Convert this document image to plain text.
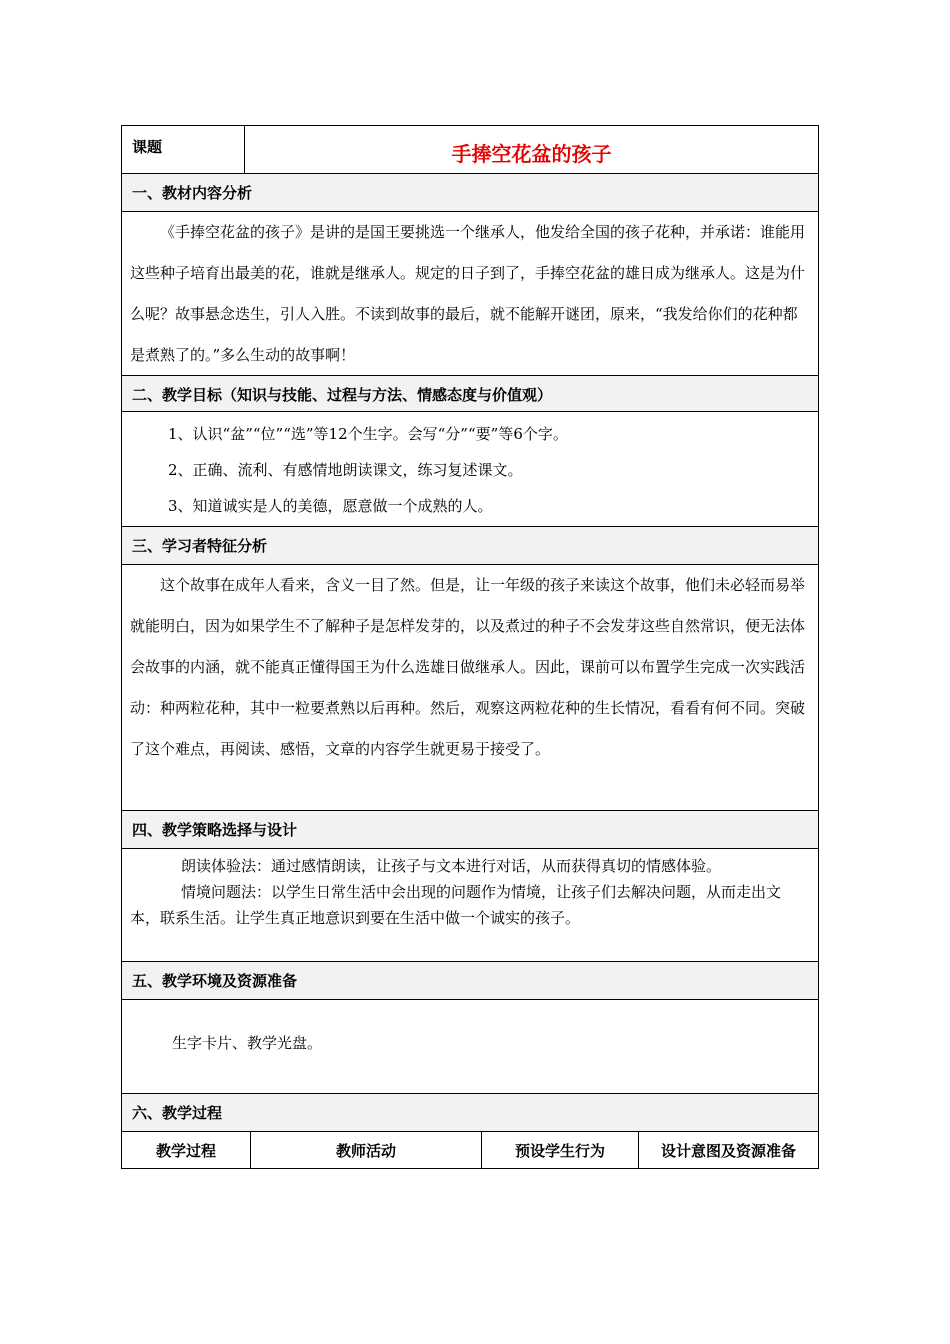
课题	手捧空花盆的孩子
一、教材内容分析

《手捧空花盆的孩子》是讲的是国王要挑选一个继承人，他发给全国的孩子花种，并承诺：谁能用这些种子培育出最美的花，谁就是继承人。规定的日子到了，手捧空花盆的雄日成为继承人。这是为什么呢？故事悬念迭生，引人入胜。不读到故事的最后，就不能解开谜团，原来，“我发给你们的花种都是煮熟了的。”多么生动的故事啊！

二、教学目标（知识与技能、过程与方法、情感态度与价值观）

1、认识“盆”“位”“选”等12个生字。会写“分”“要”等6个字。

2、正确、流利、有感情地朗读课文，练习复述课文。

3、知道诚实是人的美德，愿意做一个成熟的人。

三、学习者特征分析

这个故事在成年人看来，含义一目了然。但是，让一年级的孩子来读这个故事，他们未必轻而易举就能明白，因为如果学生不了解种子是怎样发芽的，以及煮过的种子不会发芽这些自然常识，便无法体会故事的内涵，就不能真正懂得国王为什么选雄日做继承人。因此，课前可以布置学生完成一次实践活动：种两粒花种，其中一粒要煮熟以后再种。然后，观察这两粒花种的生长情况，看看有何不同。突破了这个难点，再阅读、感悟，文章的内容学生就更易于接受了。

四、教学策略选择与设计

朗读体验法：通过感情朗读，让孩子与文本进行对话，从而获得真切的情感体验。

情境问题法：以学生日常生活中会出现的问题作为情境，让孩子们去解决问题，从而走出文本，联系生活。让学生真正地意识到要在生活中做一个诚实的孩子。

五、教学环境及资源准备

生字卡片、教学光盘。

六、教学过程
教学过程	教师活动	预设学生行为	设计意图及资源准备
